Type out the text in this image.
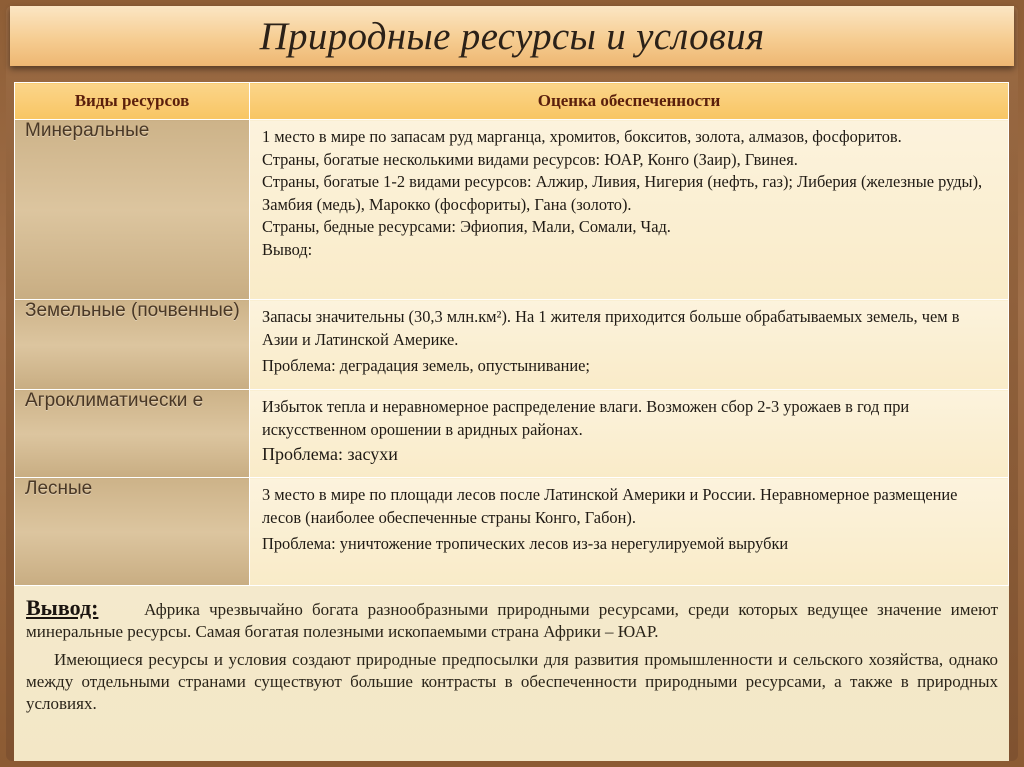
Природные ресурсы и условия
Виды ресурсов	Оценка обеспеченности
Минеральные	1 место в мире по запасам руд марганца, хромитов, бокситов, золота, алмазов, фосфоритов.

Страны, богатые несколькими видами ресурсов: ЮАР, Конго (Заир), Гвинея.

Страны, богатые 1-2 видами ресурсов: Алжир, Ливия, Нигерия (нефть, газ); Либерия (железные руды), Замбия (медь), Марокко (фосфориты), Гана (золото).

Страны, бедные ресурсами: Эфиопия, Мали, Сомали, Чад.

Вывод:

Земельные (почвенные)	Запасы значительны (30,3 млн.км²). На 1 жителя приходится больше обрабатываемых земель, чем в Азии и Латинской Америке.

Проблема: деградация земель, опустынивание;

Агроклиматически е	Избыток тепла и неравномерное распределение влаги. Возможен сбор 2-3 урожаев в год при искусственном орошении в аридных районах.

Проблема: засухи

Лесные	3 место в мире по площади лесов после Латинской Америки и России. Неравномерное размещение лесов (наиболее обеспеченные страны Конго, Габон).

Проблема: уничтожение тропических лесов из-за нерегулируемой вырубки

Вывод:	Африка чрезвычайно богата разнообразными природными ресурсами, среди которых ведущее значение имеют минеральные ресурсы. Самая богатая полезными ископаемыми страна Африки – ЮАР.

Имеющиеся ресурсы и условия создают природные предпосылки для развития промышленности и сельского хозяйства, однако между отдельными странами существуют большие контрасты в обеспеченности природными ресурсами, а также в природных условиях.
